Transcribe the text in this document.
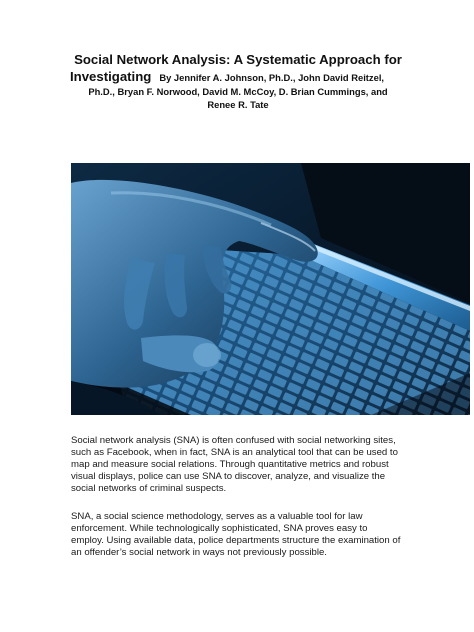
Social Network Analysis: A Systematic Approach for
Investigating By Jennifer A. Johnson, Ph.D., John David Reitzel,
Ph.D., Bryan F. Norwood, David M. McCoy, D. Brian Cummings, and
Renee R. Tate
Social network analysis (SNA) is often confused with social networking sites,
such as Facebook, when in fact, SNA is an analytical tool that can be used to
map and measure social relations. Through quantitative metrics and robust
visual displays, police can use SNA to discover, analyze, and visualize the
social networks of criminal suspects.
SNA, a social science methodology, serves as a valuable tool for law
enforcement. While technologically sophisticated, SNA proves easy to
employ. Using available data, police departments structure the examination of
an offender’s social network in ways not previously possible.
